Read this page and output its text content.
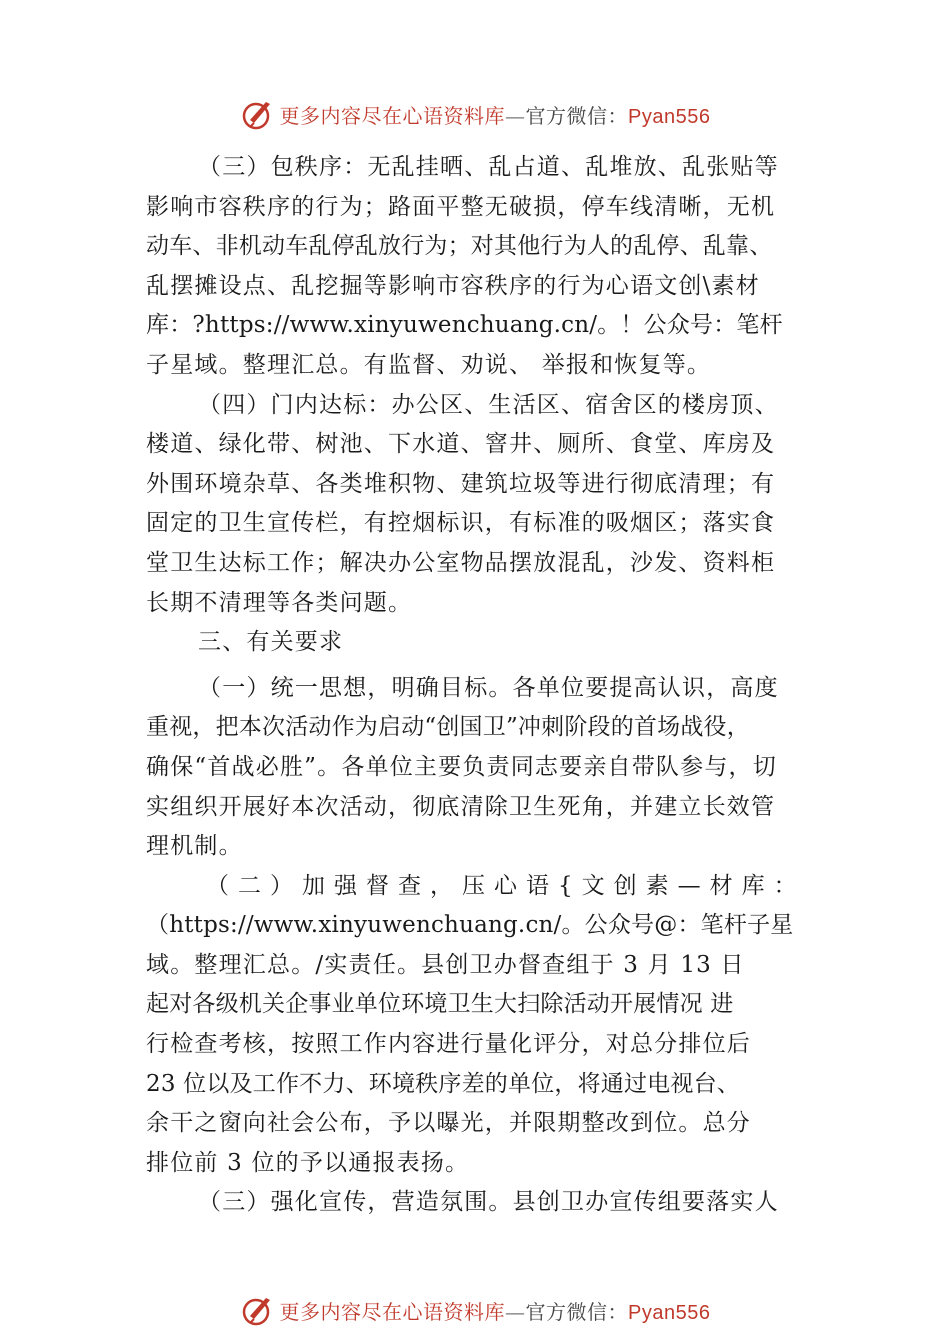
更多内容尽在心语资料库—官方微信：Pyan556
（三）包秩序：无乱挂晒、乱占道、乱堆放、乱张贴等
影响市容秩序的行为；路面平整无破损，停车线清晰，无机
动车、非机动车乱停乱放行为；对其他行为人的乱停、乱靠、
乱摆摊设点、乱挖掘等影响市容秩序的行为心语文创\素材
库：?https://www.xinyuwenchuang.cn/。！公众号：笔杆
子星域。整理汇总。有监督、劝说、 举报和恢复等。
（四）门内达标：办公区、生活区、宿舍区的楼房顶、
楼道、绿化带、树池、下水道、窨井、厕所、食堂、库房及
外围环境杂草、各类堆积物、建筑垃圾等进行彻底清理；有
固定的卫生宣传栏，有控烟标识，有标准的吸烟区；落实食
堂卫生达标工作；解决办公室物品摆放混乱，沙发、资料柜
长期不清理等各类问题。
三、有关要求
（一）统一思想，明确目标。各单位要提高认识，高度
重视，把本次活动作为启动“创国卫”冲刺阶段的首场战役，
确保“首战必胜”。各单位主要负责同志要亲自带队参与，切
实组织开展好本次活动，彻底清除卫生死角，并建立长效管
理机制。
（二）加强督查，压心语{文创素—材库：
（https://www.xinyuwenchuang.cn/。公众号@：笔杆子星
域。整理汇总。/实责任。县创卫办督查组于 3 月 13 日
起对各级机关企事业单位环境卫生大扫除活动开展情况 进
行检查考核，按照工作内容进行量化评分，对总分排位后
23 位以及工作不力、环境秩序差的单位，将通过电视台、
余干之窗向社会公布，予以曝光，并限期整改到位。总分
排位前 3 位的予以通报表扬。
（三）强化宣传，营造氛围。县创卫办宣传组要落实人
更多内容尽在心语资料库—官方微信：Pyan556
